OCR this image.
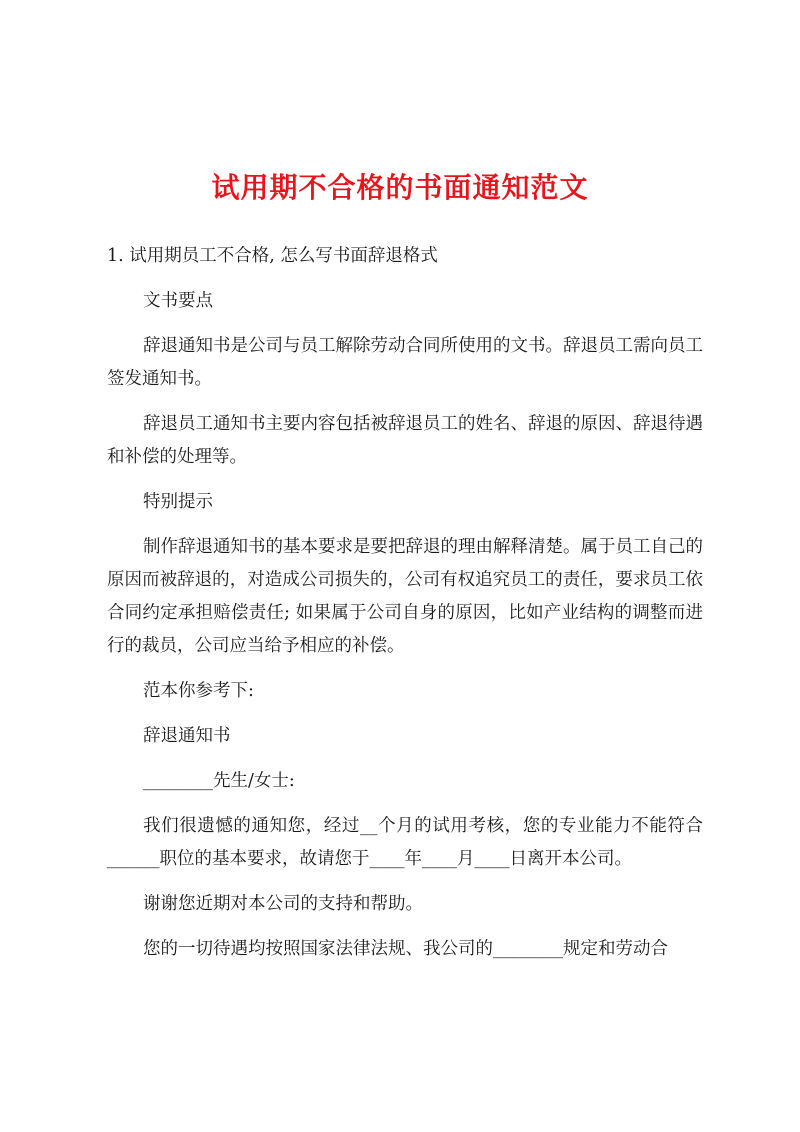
试用期不合格的书面通知范文
1. 试用期员工不合格, 怎么写书面辞退格式

文书要点

辞退通知书是公司与员工解除劳动合同所使用的文书。辞退员工需向员工签发通知书。

辞退员工通知书主要内容包括被辞退员工的姓名、辞退的原因、辞退待遇和补偿的处理等。

特别提示

制作辞退通知书的基本要求是要把辞退的理由解释清楚。属于员工自己的原因而被辞退的，对造成公司损失的，公司有权追究员工的责任，要求员工依合同约定承担赔偿责任; 如果属于公司自身的原因，比如产业结构的调整而进行的裁员，公司应当给予相应的补偿。

范本你参考下:

辞退通知书

________先生/女士:

我们很遗憾的通知您，经过__个月的试用考核，您的专业能力不能符合______职位的基本要求，故请您于____年____月____日离开本公司。

谢谢您近期对本公司的支持和帮助。

您的一切待遇均按照国家法律法规、我公司的________规定和劳动合
